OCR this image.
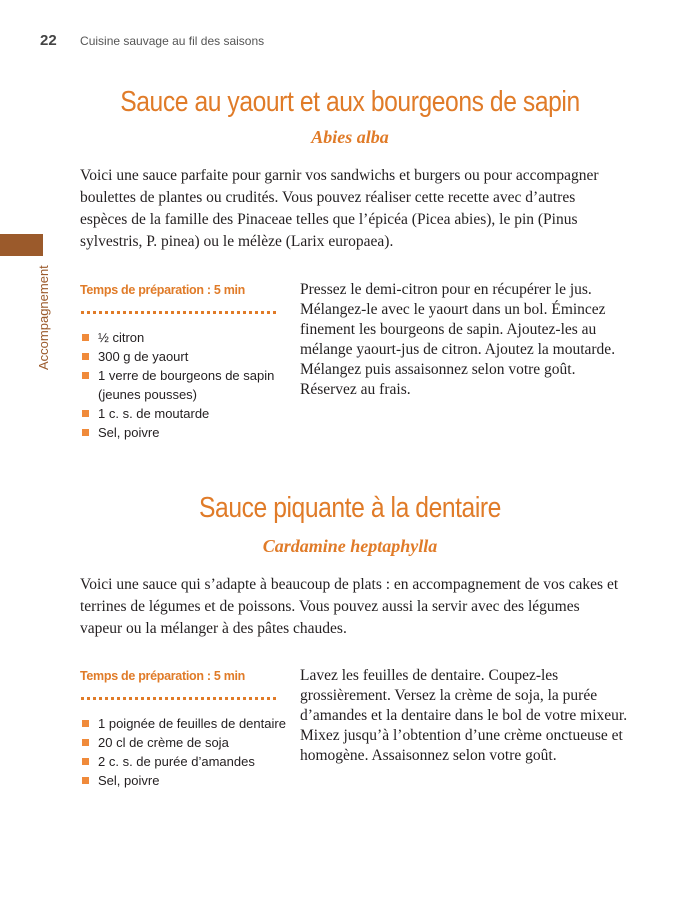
22 Cuisine sauvage au fil des saisons
Accompagnement
Sauce au yaourt et aux bourgeons de sapin
Abies alba

Voici une sauce parfaite pour garnir vos sandwichs et burgers ou pour accompagner boulettes de plantes ou crudités. Vous pouvez réaliser cette recette avec d’autres espèces de la famille des Pinaceae telles que l’épicéa (Picea abies), le pin (Pinus sylvestris, P. pinea) ou le mélèze (Larix europaea).

Temps de préparation : 5 min
½ citron
300 g de yaourt
1 verre de bourgeons de sapin (jeunes pousses)
1 c. s. de moutarde
Sel, poivre

Pressez le demi-citron pour en récupérer le jus. Mélangez-le avec le yaourt dans un bol. Émincez finement les bourgeons de sapin. Ajoutez-les au mélange yaourt-jus de citron. Ajoutez la moutarde. Mélangez puis assaisonnez selon votre goût. Réservez au frais.

Sauce piquante à la dentaire
Cardamine heptaphylla

Voici une sauce qui s’adapte à beaucoup de plats : en accompagnement de vos cakes et terrines de légumes et de poissons. Vous pouvez aussi la servir avec des légumes vapeur ou la mélanger à des pâtes chaudes.

Temps de préparation : 5 min
1 poignée de feuilles de dentaire
20 cl de crème de soja
2 c. s. de purée d’amandes
Sel, poivre

Lavez les feuilles de dentaire. Coupez-les grossièrement. Versez la crème de soja, la purée d’amandes et la dentaire dans le bol de votre mixeur. Mixez jusqu’à l’obtention d’une crème onctueuse et homogène. Assaisonnez selon votre goût.
